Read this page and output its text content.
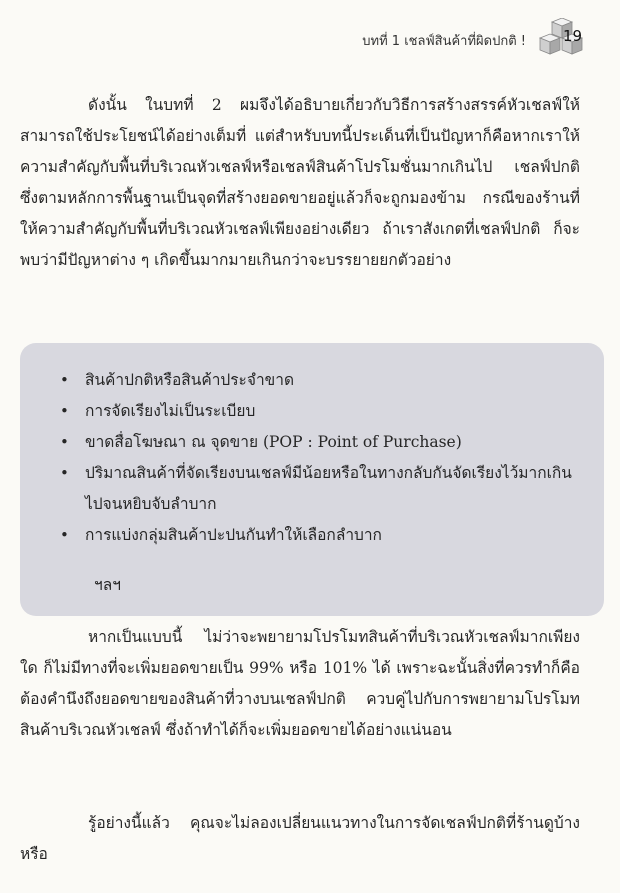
บทที่ 1 เชลฟ์สินค้าที่ผิดปกติ ! 19

ดังนั้น ในบทที่ 2 ผมจึงได้อธิบายเกี่ยวกับวิธีการสร้างสรรค์หัวเชลฟ์ให้สามารถใช้ประโยชน์ได้อย่างเต็มที่ แต่สำหรับบทนี้ประเด็นที่เป็นปัญหาก็คือหากเราให้ความสำคัญกับพื้นที่บริเวณหัวเชลฟ์หรือเชลฟ์สินค้าโปรโมชั่นมากเกินไป เชลฟ์ปกติซึ่งตามหลักการพื้นฐานเป็นจุดที่สร้างยอดขายอยู่แล้วก็จะถูกมองข้าม กรณีของร้านที่ให้ความสำคัญกับพื้นที่บริเวณหัวเชลฟ์เพียงอย่างเดียว ถ้าเราสังเกตที่เชลฟ์ปกติ ก็จะพบว่ามีปัญหาต่าง ๆ เกิดขึ้นมากมายเกินกว่าจะบรรยายยกตัวอย่าง

• สินค้าปกติหรือสินค้าประจำขาด
• การจัดเรียงไม่เป็นระเบียบ
• ขาดสื่อโฆษณา ณ จุดขาย (POP : Point of Purchase)
• ปริมาณสินค้าที่จัดเรียงบนเชลฟ์มีน้อยหรือในทางกลับกันจัดเรียงไว้มากเกินไปจนหยิบจับลำบาก
• การแบ่งกลุ่มสินค้าปะปนกันทำให้เลือกลำบาก
ฯลฯ

หากเป็นแบบนี้ ไม่ว่าจะพยายามโปรโมทสินค้าที่บริเวณหัวเชลฟ์มากเพียงใด ก็ไม่มีทางที่จะเพิ่มยอดขายเป็น 99% หรือ 101% ได้ เพราะฉะนั้นสิ่งที่ควรทำก็คือ ต้องคำนึงถึงยอดขายของสินค้าที่วางบนเชลฟ์ปกติ ควบคู่ไปกับการพยายามโปรโมทสินค้าบริเวณหัวเชลฟ์ ซึ่งถ้าทำได้ก็จะเพิ่มยอดขายได้อย่างแน่นอน

รู้อย่างนี้แล้ว คุณจะไม่ลองเปลี่ยนแนวทางในการจัดเชลฟ์ปกติที่ร้านดูบ้างหรือ
